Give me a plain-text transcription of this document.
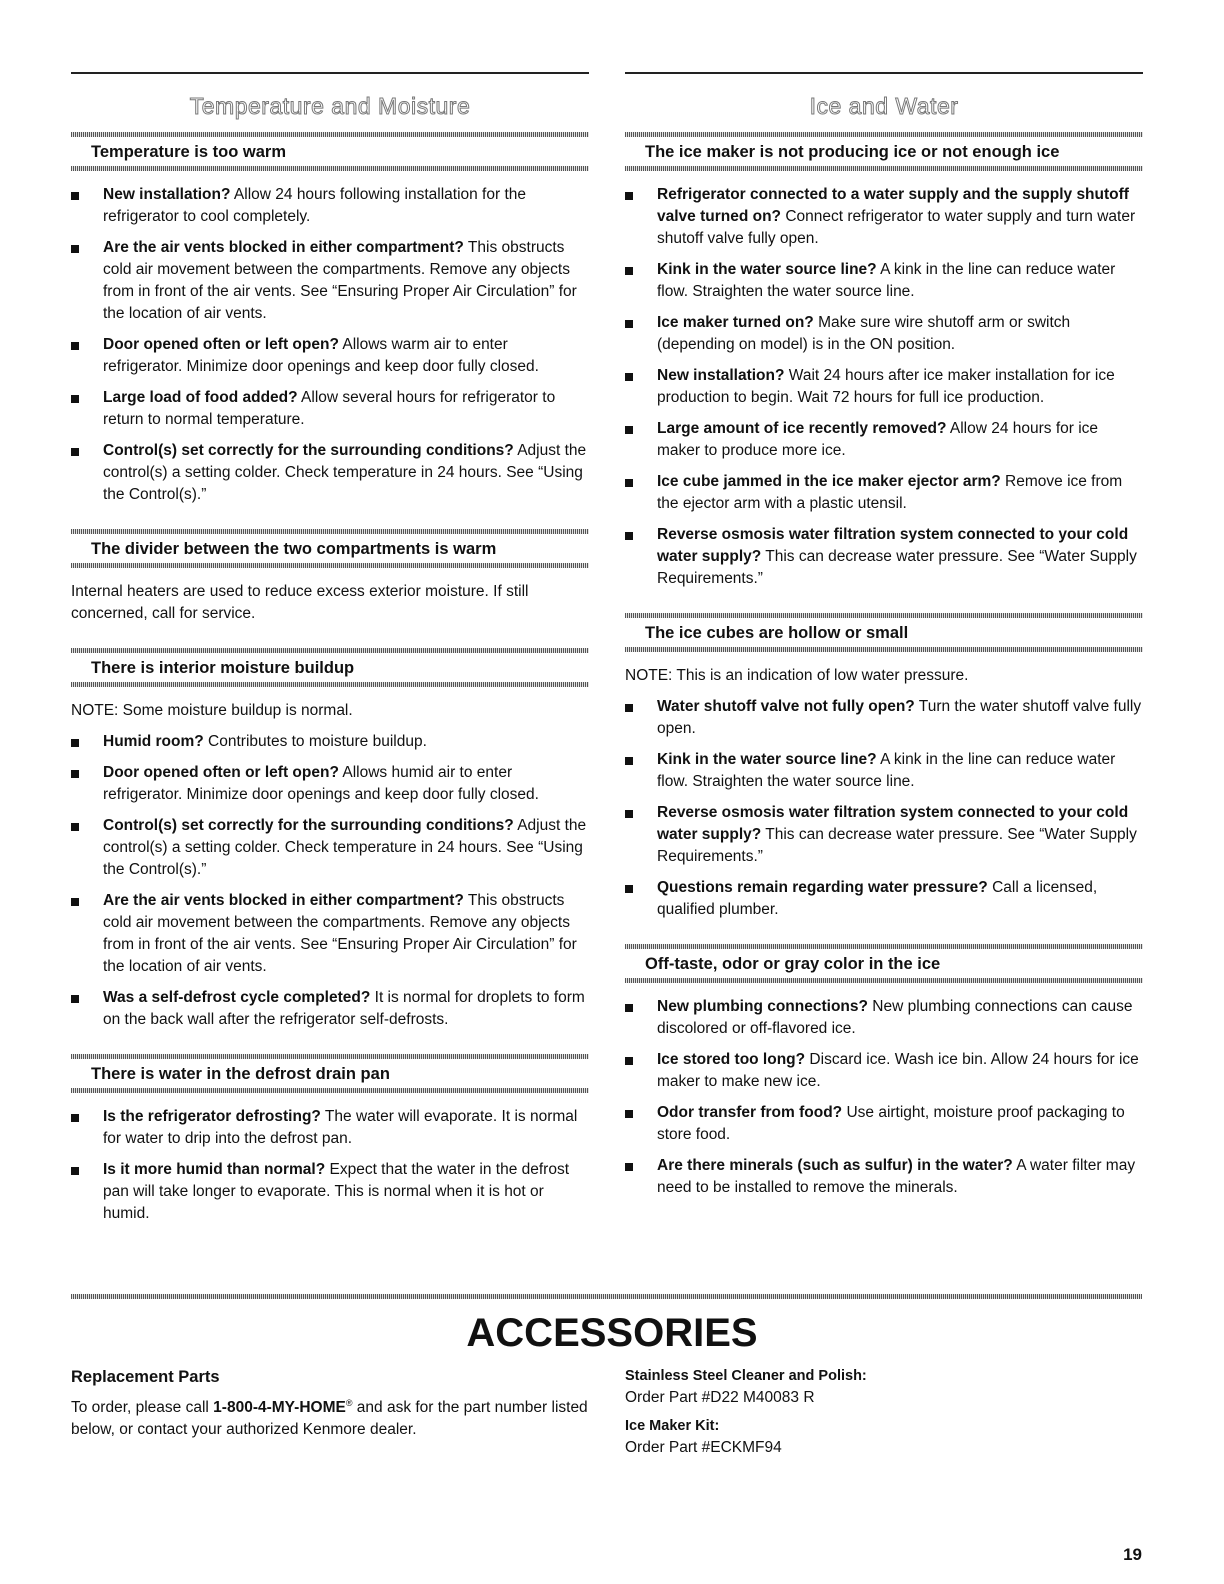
Temperature and Moisture
Temperature is too warm
New installation? Allow 24 hours following installation for the refrigerator to cool completely.
Are the air vents blocked in either compartment? This obstructs cold air movement between the compartments. Remove any objects from in front of the air vents. See “Ensuring Proper Air Circulation” for the location of air vents.
Door opened often or left open? Allows warm air to enter refrigerator. Minimize door openings and keep door fully closed.
Large load of food added? Allow several hours for refrigerator to return to normal temperature.
Control(s) set correctly for the surrounding conditions? Adjust the control(s) a setting colder. Check temperature in 24 hours. See “Using the Control(s).”
The divider between the two compartments is warm
Internal heaters are used to reduce excess exterior moisture. If still concerned, call for service.
There is interior moisture buildup
NOTE: Some moisture buildup is normal.
Humid room? Contributes to moisture buildup.
Door opened often or left open? Allows humid air to enter refrigerator. Minimize door openings and keep door fully closed.
Control(s) set correctly for the surrounding conditions? Adjust the control(s) a setting colder. Check temperature in 24 hours. See “Using the Control(s).”
Are the air vents blocked in either compartment? This obstructs cold air movement between the compartments. Remove any objects from in front of the air vents. See “Ensuring Proper Air Circulation” for the location of air vents.
Was a self-defrost cycle completed? It is normal for droplets to form on the back wall after the refrigerator self-defrosts.
There is water in the defrost drain pan
Is the refrigerator defrosting? The water will evaporate. It is normal for water to drip into the defrost pan.
Is it more humid than normal? Expect that the water in the defrost pan will take longer to evaporate. This is normal when it is hot or humid.
Ice and Water
The ice maker is not producing ice or not enough ice
Refrigerator connected to a water supply and the supply shutoff valve turned on? Connect refrigerator to water supply and turn water shutoff valve fully open.
Kink in the water source line? A kink in the line can reduce water flow. Straighten the water source line.
Ice maker turned on? Make sure wire shutoff arm or switch (depending on model) is in the ON position.
New installation? Wait 24 hours after ice maker installation for ice production to begin. Wait 72 hours for full ice production.
Large amount of ice recently removed? Allow 24 hours for ice maker to produce more ice.
Ice cube jammed in the ice maker ejector arm? Remove ice from the ejector arm with a plastic utensil.
Reverse osmosis water filtration system connected to your cold water supply? This can decrease water pressure. See “Water Supply Requirements.”
The ice cubes are hollow or small
NOTE: This is an indication of low water pressure.
Water shutoff valve not fully open? Turn the water shutoff valve fully open.
Kink in the water source line? A kink in the line can reduce water flow. Straighten the water source line.
Reverse osmosis water filtration system connected to your cold water supply? This can decrease water pressure. See “Water Supply Requirements.”
Questions remain regarding water pressure? Call a licensed, qualified plumber.
Off-taste, odor or gray color in the ice
New plumbing connections? New plumbing connections can cause discolored or off-flavored ice.
Ice stored too long? Discard ice. Wash ice bin. Allow 24 hours for ice maker to make new ice.
Odor transfer from food? Use airtight, moisture proof packaging to store food.
Are there minerals (such as sulfur) in the water? A water filter may need to be installed to remove the minerals.
ACCESSORIES
Replacement Parts
To order, please call 1-800-4-MY-HOME® and ask for the part number listed below, or contact your authorized Kenmore dealer.
Stainless Steel Cleaner and Polish:
Order Part #D22 M40083 R
Ice Maker Kit:
Order Part #ECKMF94
19
